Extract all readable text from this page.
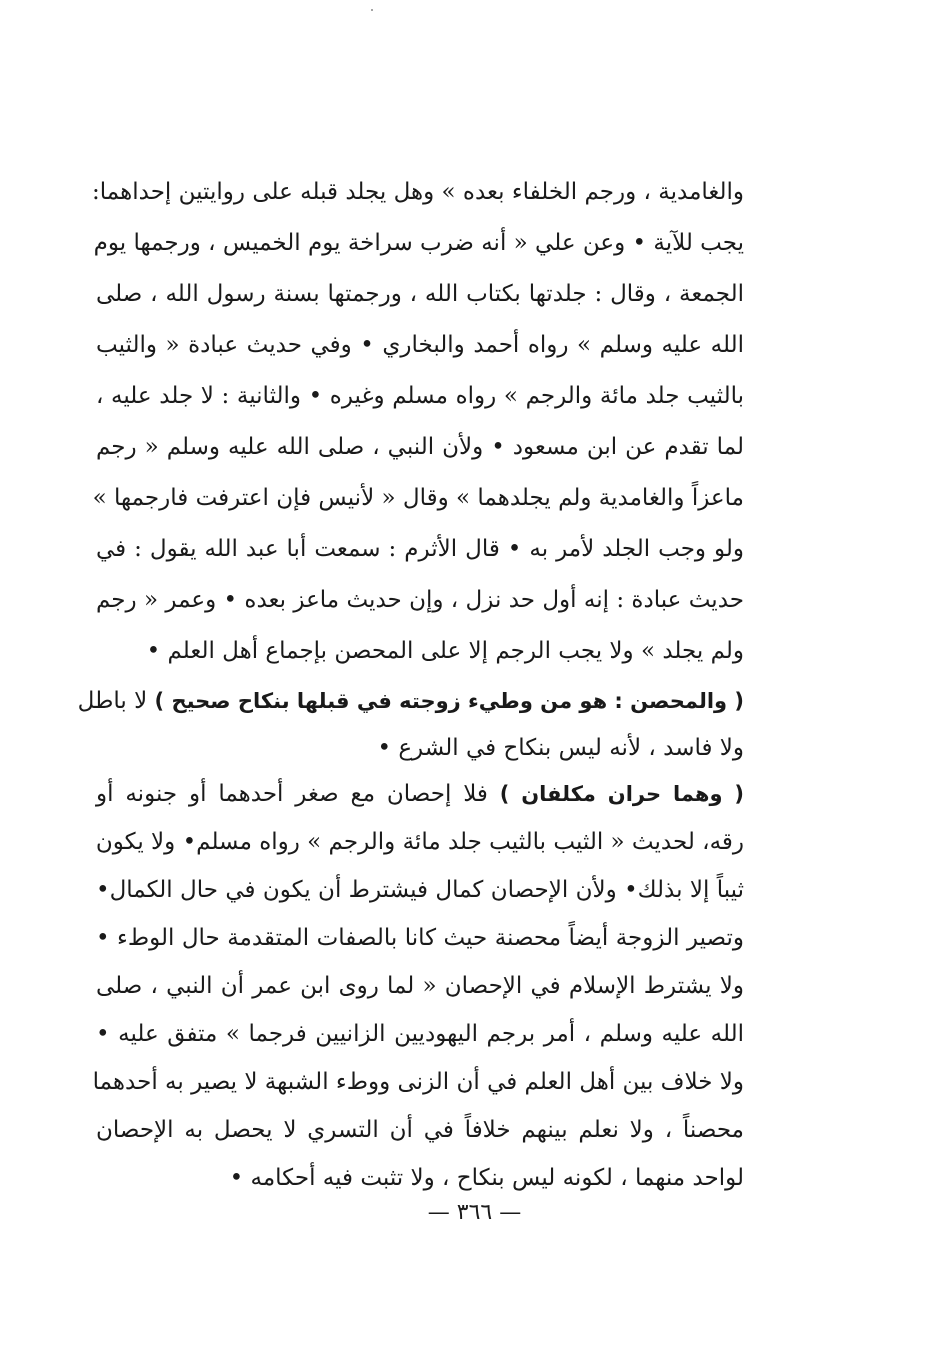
والغامدية ، ورجم الخلفاء بعده » وهل يجلد قبله على روايتين إحداهما:
يجب للآية • وعن علي « أنه ضرب سراخة يوم الخميس ، ورجمها يوم
الجمعة ، وقال : جلدتها بكتاب الله ، ورجمتها بسنة رسول الله ، صلى
الله عليه وسلم » رواه أحمد والبخاري • وفي حديث عبادة « والثيب
بالثيب جلد مائة والرجم » رواه مسلم وغيره • والثانية : لا جلد عليه ،
لما تقدم عن ابن مسعود • ولأن النبي ، صلى الله عليه وسلم « رجم
ماعزاً والغامدية ولم يجلدهما » وقال « لأنيس فإن اعترفت فارجمها »
ولو وجب الجلد لأمر به • قال الأثرم : سمعت أبا عبد الله يقول : في
حديث عبادة : إنه أول حد نزل ، وإن حديث ماعز بعده • وعمر « رجم
ولم يجلد » ولا يجب الرجم إلا على المحصن بإجماع أهل العلم •
( والمحصن : هو من وطيء زوجته في قبلها بنكاح صحيح ) لا باطل
ولا فاسد ، لأنه ليس بنكاح في الشرع •
( وهما حران مكلفان ) فلا إحصان مع صغر أحدهما أو جنونه أو
رقه، لحديث « الثيب بالثيب جلد مائة والرجم » رواه مسلم• ولا يكون
ثيباً إلا بذلك• ولأن الإحصان كمال فيشترط أن يكون في حال الكمال•
وتصير الزوجة أيضاً محصنة حيث كانا بالصفات المتقدمة حال الوطء •
ولا يشترط الإسلام في الإحصان « لما روى ابن عمر أن النبي ، صلى
الله عليه وسلم ، أمر برجم اليهوديين الزانيين فرجما » متفق عليه •
ولا خلاف بين أهل العلم في أن الزنى ووطء الشبهة لا يصير به أحدهما
محصناً ، ولا نعلم بينهم خلافاً في أن التسري لا يحصل به الإحصان
لواحد منهما ، لكونه ليس بنكاح ، ولا تثبت فيه أحكامه •
— ٣٦٦ —
